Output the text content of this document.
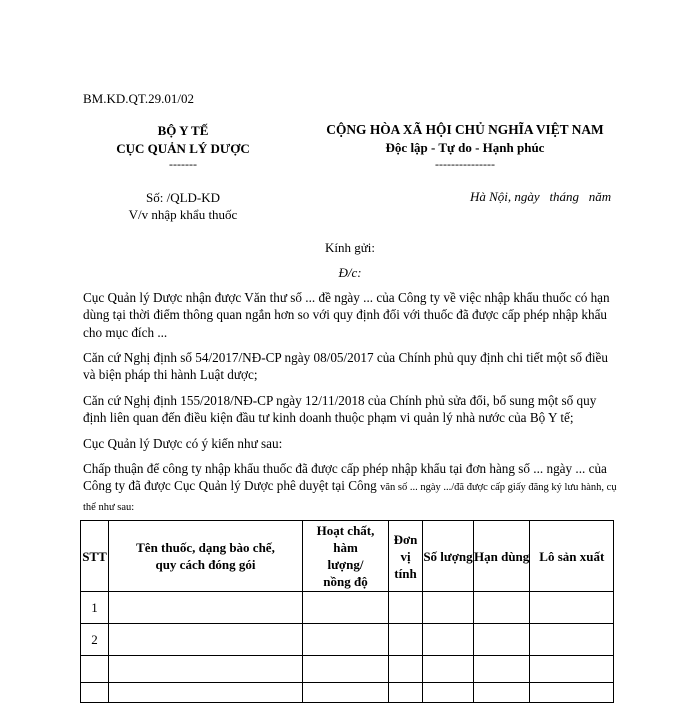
BM.KD.QT.29.01/02
BỘ Y TẾ
CỤC QUẢN LÝ DƯỢC
-------
Số: /QLD-KD
V/v nhập khẩu thuốc
CỘNG HÒA XÃ HỘI CHỦ NGHĨA VIỆT NAM
Độc lập - Tự do - Hạnh phúc
---------------
Hà Nội, ngày   tháng   năm
Kính gửi:
Đ/c:
Cục Quản lý Dược nhận được Văn thư số ... đề ngày ... của Công ty về việc nhập khẩu thuốc có hạn dùng tại thời điểm thông quan ngắn hơn so với quy định đối với thuốc đã được cấp phép nhập khẩu cho mục đích ...
Căn cứ Nghị định số 54/2017/NĐ-CP ngày 08/05/2017 của Chính phủ quy định chi tiết một số điều và biện pháp thi hành Luật dược;
Căn cứ Nghị định 155/2018/NĐ-CP ngày 12/11/2018 của Chính phủ sửa đổi, bổ sung một số quy định liên quan đến điều kiện đầu tư kinh doanh thuộc phạm vi quản lý nhà nước của Bộ Y tế;
Cục Quản lý Dược có ý kiến như sau:
Chấp thuận để công ty nhập khẩu thuốc đã được cấp phép nhập khẩu tại đơn hàng số ... ngày ... của Công ty đã được Cục Quản lý Dược phê duyệt tại Công văn số ... ngày .../đã được cấp giấy đăng ký lưu hành, cụ thể như sau:
STT	Tên thuốc, dạng bào chế, quy cách đóng gói	Hoạt chất, hàm lượng/ nồng độ	Đơn vị tính	Số lượng	Hạn dùng	Lô sản xuất
1						
2						
